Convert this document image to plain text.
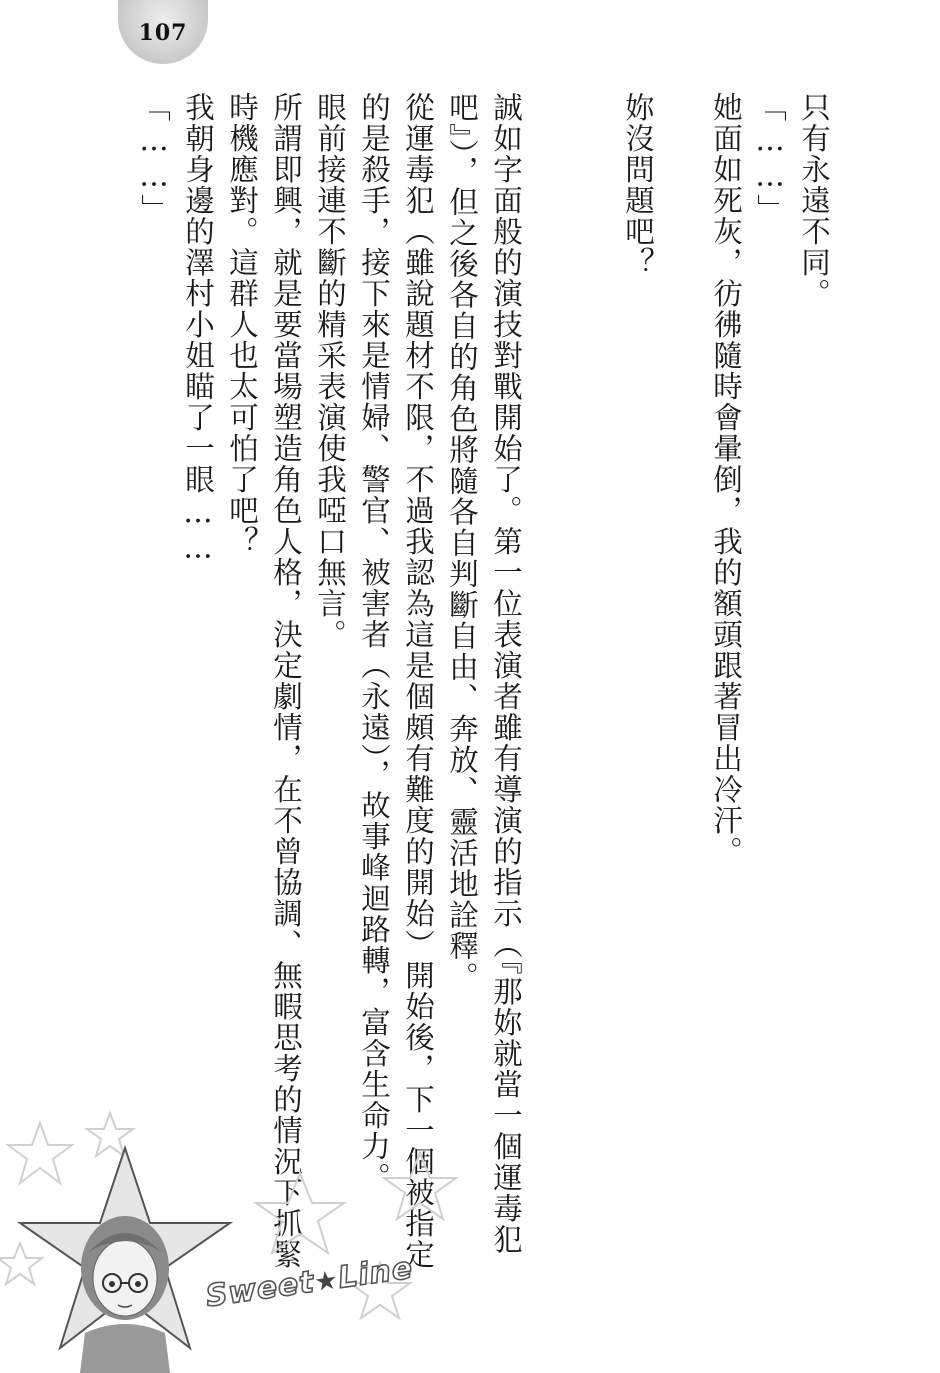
107

只有永遠不同。

「……」

她面如死灰，彷彿隨時會暈倒，我的額頭跟著冒出冷汗。

妳沒問題吧？

誠如字面般的演技對戰開始了。第一位表演者雖有導演的指示（『那妳就當一個運毒犯吧』），但之後各自的角色將隨各自判斷自由、奔放、靈活地詮釋。

從運毒犯（雖說題材不限，不過我認為這是個頗有難度的開始）開始後，下一個被指定的是殺手，接下來是情婦、警官、被害者（永遠），故事峰迴路轉，富含生命力。

眼前接連不斷的精采表演使我啞口無言。

所謂即興，就是要當場塑造角色人格，決定劇情，在不曾協調、無暇思考的情況下抓緊時機應對。這群人也太可怕了吧？

我朝身邊的澤村小姐瞄了一眼……

「……」

Sweet★Line
